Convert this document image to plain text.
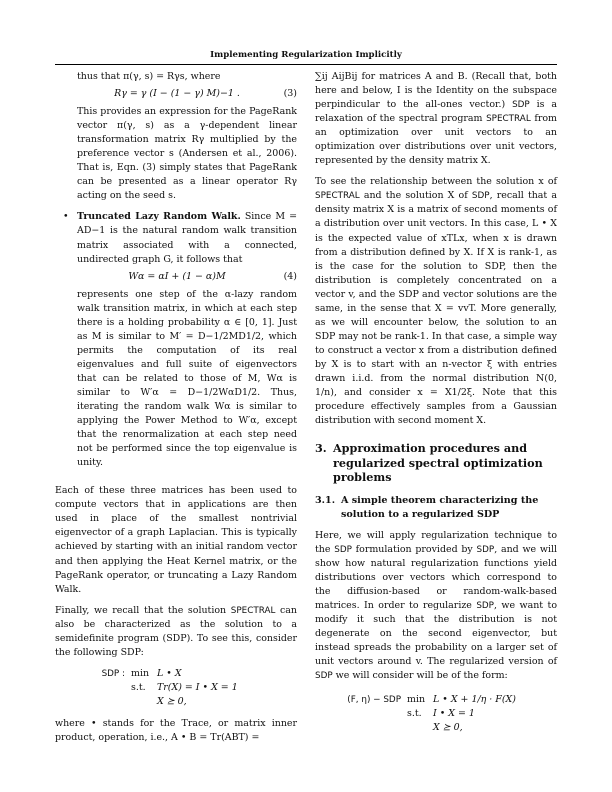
Implementing Regularization Implicitly

thus that π(γ, s) = Rγs, where

Rγ = γ (I − (1 − γ) M)−1 .	(3)

This provides an expression for the PageRank vector π(γ, s) as a γ-dependent linear transformation matrix Rγ multiplied by the preference vector s (Andersen et al., 2006). That is, Eqn. (3) simply states that PageRank can be presented as a linear operator Rγ acting on the seed s.

• Truncated Lazy Random Walk. Since M = AD−1 is the natural random walk transition matrix associated with a connected, undirected graph G, it follows that

Wα = αI + (1 − α)M	(4)

represents one step of the α-lazy random walk transition matrix, in which at each step there is a holding probability α ∈ [0, 1]. Just as M is similar to M′ = D−1/2MD1/2, which permits the computation of its real eigenvalues and full suite of eigenvectors that can be related to those of M, Wα is similar to W′α = D−1/2WαD1/2. Thus, iterating the random walk Wα is similar to applying the Power Method to W′α, except that the renormalization at each step need not be performed since the top eigenvalue is unity.

Each of these three matrices has been used to compute vectors that in applications are then used in place of the smallest nontrivial eigenvector of a graph Laplacian. This is typically achieved by starting with an initial random vector and then applying the Heat Kernel matrix, or the PageRank operator, or truncating a Lazy Random Walk.

Finally, we recall that the solution SPECTRAL can also be characterized as the solution to a semidefinite program (SDP). To see this, consider the following SDP:

SDP : min L • X
s.t.	Tr(X) = I • X = 1
X ⪰ 0,

where • stands for the Trace, or matrix inner product, operation, i.e., A • B = Tr(ABT) =

∑ij AijBij for matrices A and B. (Recall that, both here and below, I is the Identity on the subspace perpindicular to the all-ones vector.) SDP is a relaxation of the spectral program SPECTRAL from an optimization over unit vectors to an optimization over distributions over unit vectors, represented by the density matrix X.

To see the relationship between the solution x of SPECTRAL and the solution X of SDP, recall that a density matrix X is a matrix of second moments of a distribution over unit vectors. In this case, L • X is the expected value of xTLx, when x is drawn from a distribution defined by X. If X is rank-1, as is the case for the solution to SDP, then the distribution is completely concentrated on a vector v, and the SDP and vector solutions are the same, in the sense that X = vvT. More generally, as we will encounter below, the solution to an SDP may not be rank-1. In that case, a simple way to construct a vector x from a distribution defined by X is to start with an n-vector ξ with entries drawn i.i.d. from the normal distribution N(0, 1/n), and consider x = X1/2ξ. Note that this procedure effectively samples from a Gaussian distribution with second moment X.

3. Approximation procedures and regularized spectral optimization problems
3.1. A simple theorem characterizing the solution to a regularized SDP

Here, we will apply regularization technique to the SDP formulation provided by SDP, and we will show how natural regularization functions yield distributions over vectors which correspond to the diffusion-based or random-walk-based matrices. In order to regularize SDP, we want to modify it such that the distribution is not degenerate on the second eigenvector, but instead spreads the probability on a larger set of unit vectors around v. The regularized version of SDP we will consider will be of the form:

(F, η) − SDP min L • X + 1/η · F(X)
s.t.	I • X = 1
X ⪰ 0,
